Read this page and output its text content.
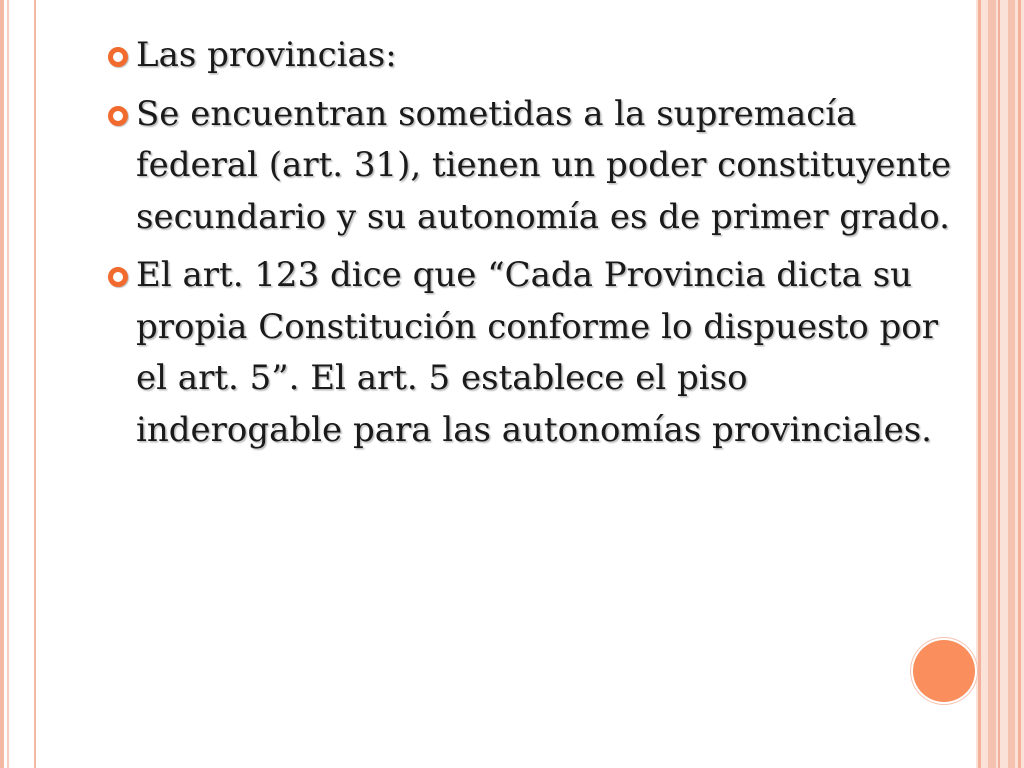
Las provincias:
Se encuentran sometidas a la supremacía federal (art. 31), tienen un poder constituyente secundario y su autonomía es de primer grado.
El art. 123 dice que “Cada Provincia dicta su propia Constitución conforme lo dispuesto por el art. 5”. El art. 5 establece el piso inderogable para las autonomías provinciales.
